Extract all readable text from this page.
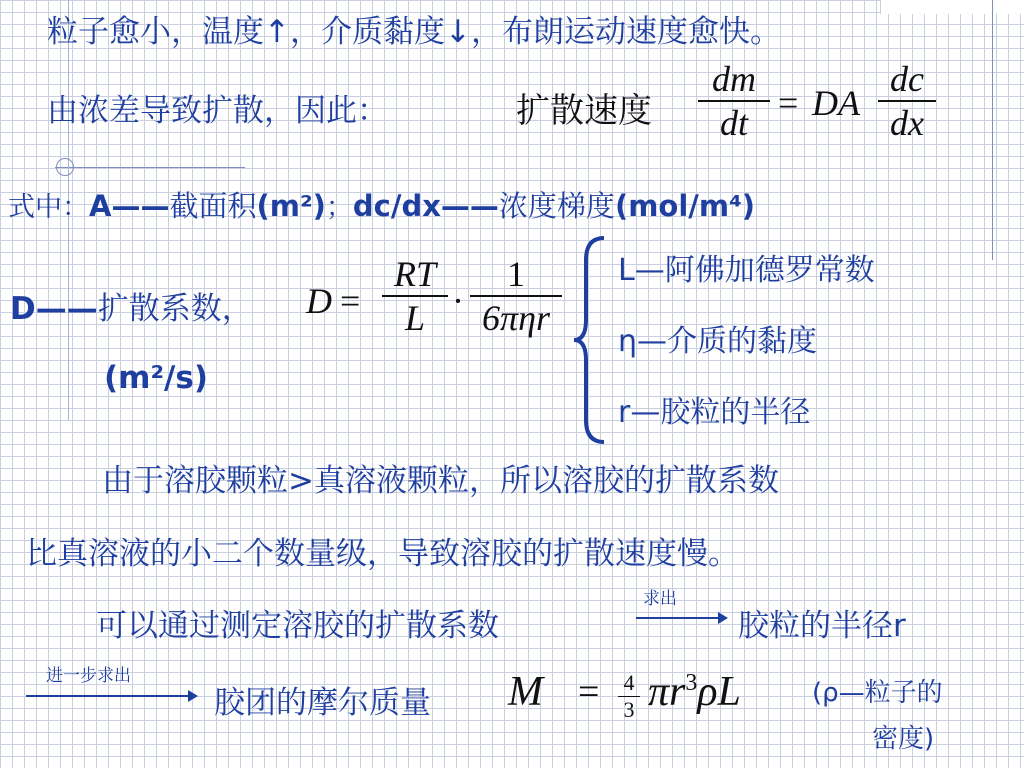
粒子愈小，温度↑，介质黏度↓，布朗运动速度愈快。
由浓差导致扩散，因此：	扩散速度
dm
dt = DA
dc
dx
式中：A——截面积(m²)；dc/dx——浓度梯度(mol/m⁴)
D——扩散系数， D =
RT
L ·
1
6πηr
(m²/s)
L—阿佛加德罗常数
η—介质的黏度
r—胶粒的半径
由于溶胶颗粒>真溶液颗粒，所以溶胶的扩散系数
比真溶液的小二个数量级，导致溶胶的扩散速度慢。
可以通过测定溶胶的扩散系数
求出
胶粒的半径r
进一步求出
胶团的摩尔质量 M = 4
3 $\pi r^3\rho L$	(ρ—粒子的
密度)
